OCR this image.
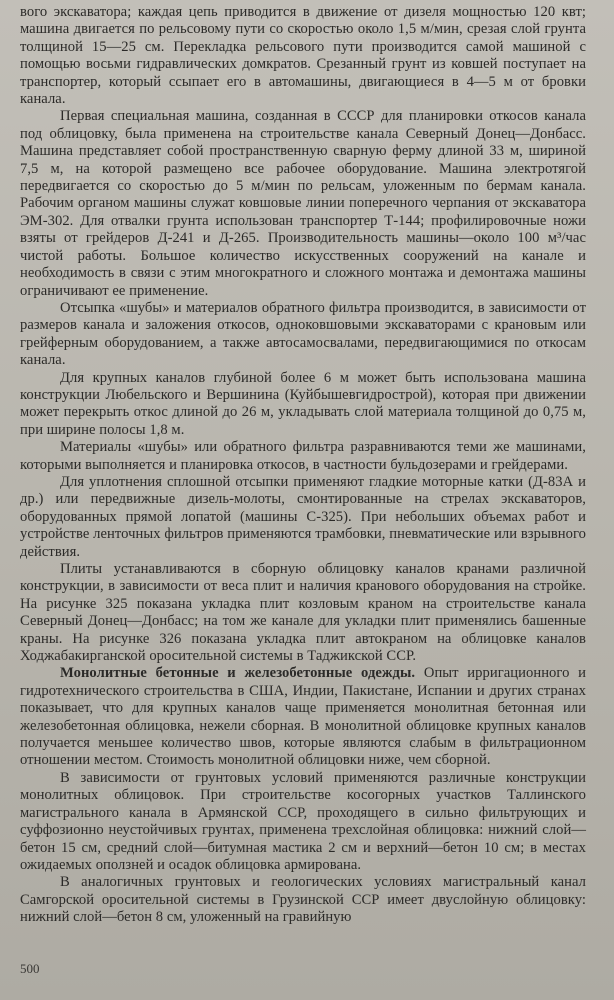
вого экскаватора; каждая цепь приводится в движение от дизеля мощностью 120 квт; машина двигается по рельсовому пути со скоростью около 1,5 м/мин, срезая слой грунта толщиной 15—25 см. Перекладка рельсового пути производится самой машиной с помощью восьми гидравлических домкратов. Срезанный грунт из ковшей поступает на транспортер, который ссыпает его в автомашины, двигающиеся в 4—5 м от бровки канала.

Первая специальная машина, созданная в СССР для планировки откосов канала под облицовку, была применена на строительстве канала Северный Донец—Донбасс. Машина представляет собой пространственную сварную ферму длиной 33 м, шириной 7,5 м, на которой размещено все рабочее оборудование. Машина электротягой передвигается со скоростью до 5 м/мин по рельсам, уложенным по бермам канала. Рабочим органом машины служат ковшовые линии поперечного черпания от экскаватора ЭМ-302. Для отвалки грунта использован транспортер Т-144; профилировочные ножи взяты от грейдеров Д-241 и Д-265. Производительность машины—около 100 м³/час чистой работы. Большое количество искусственных сооружений на канале и необходимость в связи с этим многократного и сложного монтажа и демонтажа машины ограничивают ее применение.

Отсыпка «шубы» и материалов обратного фильтра производится, в зависимости от размеров канала и заложения откосов, одноковшовыми экскаваторами с крановым или грейферным оборудованием, а также автосамосвалами, передвигающимися по откосам канала.

Для крупных каналов глубиной более 6 м может быть использована машина конструкции Любельского и Вершинина (Куйбышевгидрострой), которая при движении может перекрыть откос длиной до 26 м, укладывать слой материала толщиной до 0,75 м, при ширине полосы 1,8 м.

Материалы «шубы» или обратного фильтра разравниваются теми же машинами, которыми выполняется и планировка откосов, в частности бульдозерами и грейдерами.

Для уплотнения сплошной отсыпки применяют гладкие моторные катки (Д-83А и др.) или передвижные дизель-молоты, смонтированные на стрелах экскаваторов, оборудованных прямой лопатой (машины С-325). При небольших объемах работ и устройстве ленточных фильтров применяются трамбовки, пневматические или взрывного действия.

Плиты устанавливаются в сборную облицовку каналов кранами различной конструкции, в зависимости от веса плит и наличия кранового оборудования на стройке. На рисунке 325 показана укладка плит козловым краном на строительстве канала Северный Донец—Донбасс; на том же канале для укладки плит применялись башенные краны. На рисунке 326 показана укладка плит автокраном на облицовке каналов Ходжабакирганской оросительной системы в Таджикской ССР.

Монолитные бетонные и железобетонные одежды. Опыт ирригационного и гидротехнического строительства в США, Индии, Пакистане, Испании и других странах показывает, что для крупных каналов чаще применяется монолитная бетонная или железобетонная облицовка, нежели сборная. В монолитной облицовке крупных каналов получается меньшее количество швов, которые являются слабым в фильтрационном отношении местом. Стоимость монолитной облицовки ниже, чем сборной.

В зависимости от грунтовых условий применяются различные конструкции монолитных облицовок. При строительстве косогорных участков Таллинского магистрального канала в Армянской ССР, проходящего в сильно фильтрующих и суффозионно неустойчивых грунтах, применена трехслойная облицовка: нижний слой—бетон 15 см, средний слой—битумная мастика 2 см и верхний—бетон 10 см; в местах ожидаемых оползней и осадок облицовка армирована.

В аналогичных грунтовых и геологических условиях магистральный канал Самгорской оросительной системы в Грузинской ССР имеет двуслойную облицовку: нижний слой—бетон 8 см, уложенный на гравийную

500
